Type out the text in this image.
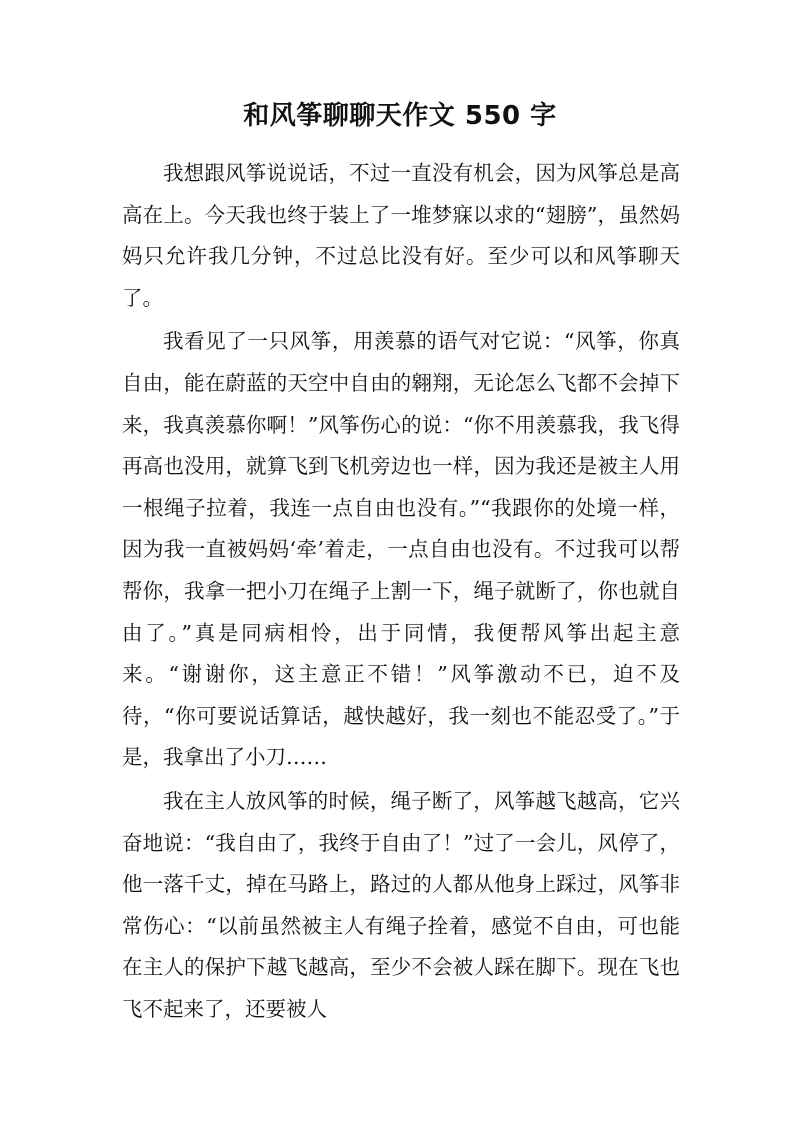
和风筝聊聊天作文 550 字

我想跟风筝说说话，不过一直没有机会，因为风筝总是高高在上。今天我也终于装上了一堆梦寐以求的“翅膀”，虽然妈妈只允许我几分钟，不过总比没有好。至少可以和风筝聊天了。

我看见了一只风筝，用羡慕的语气对它说：“风筝，你真自由，能在蔚蓝的天空中自由的翱翔，无论怎么飞都不会掉下来，我真羡慕你啊！”风筝伤心的说：“你不用羡慕我，我飞得再高也没用，就算飞到飞机旁边也一样，因为我还是被主人用一根绳子拉着，我连一点自由也没有。”“我跟你的处境一样，因为我一直被妈妈‘牵’着走，一点自由也没有。不过我可以帮帮你，我拿一把小刀在绳子上割一下，绳子就断了，你也就自由了。”真是同病相怜，出于同情，我便帮风筝出起主意来。“谢谢你，这主意正不错！”风筝激动不已，迫不及待，“你可要说话算话，越快越好，我一刻也不能忍受了。”于是，我拿出了小刀……

我在主人放风筝的时候，绳子断了，风筝越飞越高，它兴奋地说：“我自由了，我终于自由了！”过了一会儿，风停了，他一落千丈，掉在马路上，路过的人都从他身上踩过，风筝非常伤心：“以前虽然被主人有绳子拴着，感觉不自由，可也能在主人的保护下越飞越高，至少不会被人踩在脚下。现在飞也飞不起来了，还要被人
